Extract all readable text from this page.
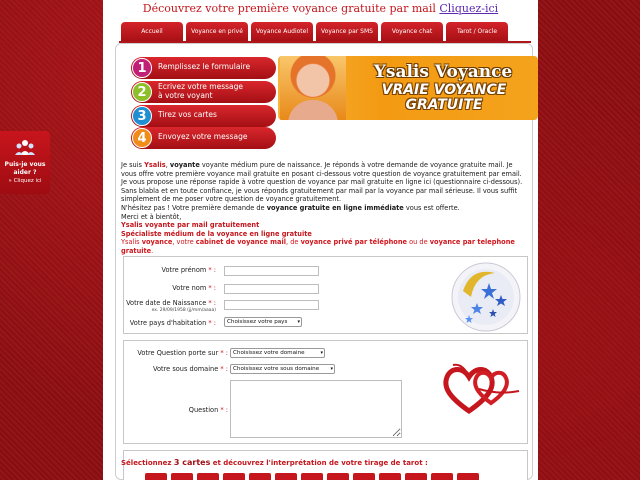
Puis-je vous
aider ?
» Cliquez ici
Découvrez votre première voyance gratuite par mail Cliquez-ici
Accueil	Voyance en privé	Voyance Audiotel	Voyance par SMS	Voyance chat	Tarot / Oracle
1	Remplissez le formulaire
2	Ecrivez votre message
à votre voyant
3	Tirez vos cartes
4	Envoyez votre message
Ysalis Voyance
VRAIE VOYANCE
GRATUITE
Je suis Ysalis, voyante voyante médium pure de naissance. Je réponds à votre demande de voyance gratuite mail. Je vous offre votre première voyance mail gratuite en posant ci-dessous votre question de voyance gratuitement par email.
Je vous propose une réponse rapide à votre question de voyance par mail gratuite en ligne ici (questionnaire ci-dessous). Sans blabla et en toute confiance, je vous réponds gratuitement par mail par la voyance par mail sérieuse. Il vous suffit simplement de me poser votre question de voyance gratuitement.
N'hésitez pas ! Votre première demande de voyance gratuite en ligne immédiate vous est offerte.
Merci et à bientôt,
Ysalis voyante par mail gratuitement
Spécialiste médium de la voyance en ligne gratuite
Ysalis voyance, votre cabinet de voyance mail, de voyance privé par téléphone ou de voyance par telephone gratuite.
Votre prénom * :
Votre nom * :
Votre date de Naissance * :
ex. 29/09/1958 (jj/mm/aaaa)
Votre pays d'habitation * :	Choisissez votre pays ▾
Votre Question porte sur * : Choisissez votre domaine	▾
Votre sous domaine * : Choisissez votre sous domaine ▾
Question * :
Sélectionnez 3 cartes et découvrez l'interprétation de votre tirage de tarot :
